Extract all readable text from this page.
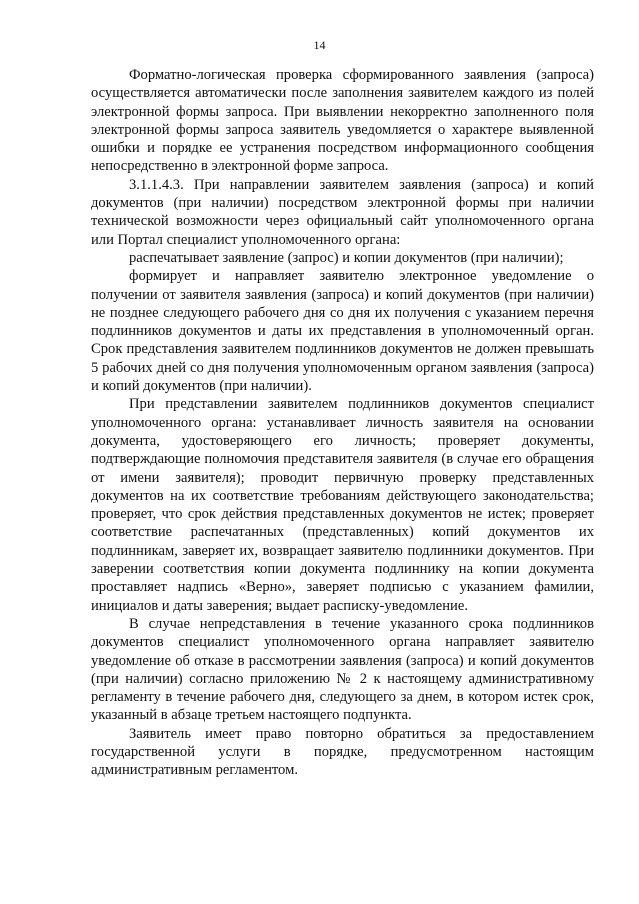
14

Форматно-логическая проверка сформированного заявления (запроса) осуществляется автоматически после заполнения заявителем каждого из полей электронной формы запроса. При выявлении некорректно заполненного поля электронной формы запроса заявитель уведомляется о характере выявленной ошибки и порядке ее устранения посредством информационного сообщения непосредственно в электронной форме запроса.

3.1.1.4.3. При направлении заявителем заявления (запроса) и копий документов (при наличии) посредством электронной формы при наличии технической возможности через официальный сайт уполномоченного органа или Портал специалист уполномоченного органа:

распечатывает заявление (запрос) и копии документов (при наличии);

формирует и направляет заявителю электронное уведомление о получении от заявителя заявления (запроса) и копий документов (при наличии) не позднее следующего рабочего дня со дня их получения с указанием перечня подлинников документов и даты их представления в уполномоченный орган. Срок представления заявителем подлинников документов не должен превышать 5 рабочих дней со дня получения уполномоченным органом заявления (запроса) и копий документов (при наличии).

При представлении заявителем подлинников документов специалист уполномоченного органа: устанавливает личность заявителя на основании документа, удостоверяющего его личность; проверяет документы, подтверждающие полномочия представителя заявителя (в случае его обращения от имени заявителя); проводит первичную проверку представленных документов на их соответствие требованиям действующего законодательства; проверяет, что срок действия представленных документов не истек; проверяет соответствие распечатанных (представленных) копий документов их подлинникам, заверяет их, возвращает заявителю подлинники документов. При заверении соответствия копии документа подлиннику на копии документа проставляет надпись «Верно», заверяет подписью с указанием фамилии, инициалов и даты заверения; выдает расписку-уведомление.

В случае непредставления в течение указанного срока подлинников документов специалист уполномоченного органа направляет заявителю уведомление об отказе в рассмотрении заявления (запроса) и копий документов (при наличии) согласно приложению № 2 к настоящему административному регламенту в течение рабочего дня, следующего за днем, в котором истек срок, указанный в абзаце третьем настоящего подпункта.

Заявитель имеет право повторно обратиться за предоставлением государственной услуги в порядке, предусмотренном настоящим административным регламентом.
